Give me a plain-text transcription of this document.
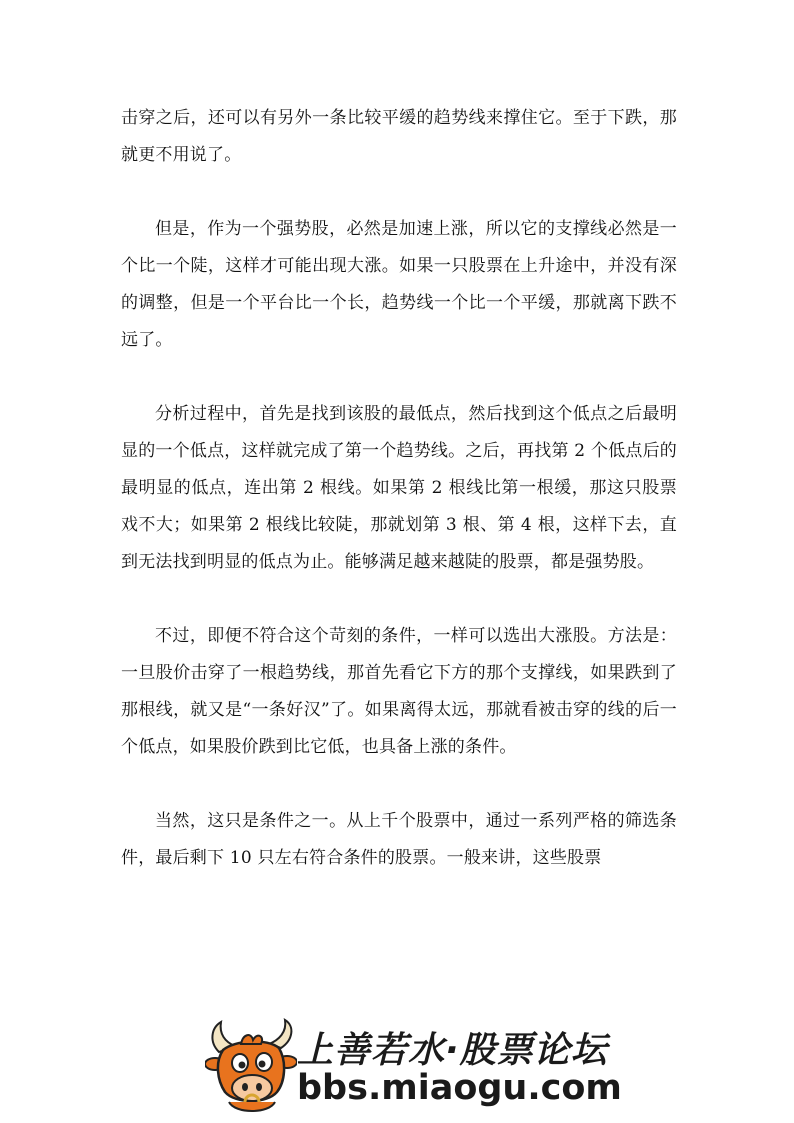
击穿之后，还可以有另外一条比较平缓的趋势线来撑住它。至于下跌，那就更不用说了。

但是，作为一个强势股，必然是加速上涨，所以它的支撑线必然是一个比一个陡，这样才可能出现大涨。如果一只股票在上升途中，并没有深的调整，但是一个平台比一个长，趋势线一个比一个平缓，那就离下跌不远了。

分析过程中，首先是找到该股的最低点，然后找到这个低点之后最明显的一个低点，这样就完成了第一个趋势线。之后，再找第 2 个低点后的最明显的低点，连出第 2 根线。如果第 2 根线比第一根缓，那这只股票戏不大；如果第 2 根线比较陡，那就划第 3 根、第 4 根，这样下去，直到无法找到明显的低点为止。能够满足越来越陡的股票，都是强势股。

不过，即便不符合这个苛刻的条件，一样可以选出大涨股。方法是：一旦股价击穿了一根趋势线，那首先看它下方的那个支撑线，如果跌到了那根线，就又是“一条好汉”了。如果离得太远，那就看被击穿的线的后一个低点，如果股价跌到比它低，也具备上涨的条件。

当然，这只是条件之一。从上千个股票中，通过一系列严格的筛选条件，最后剩下 10 只左右符合条件的股票。一般来讲，这些股票

上善若水·股票论坛
bbs.miaogu.com
